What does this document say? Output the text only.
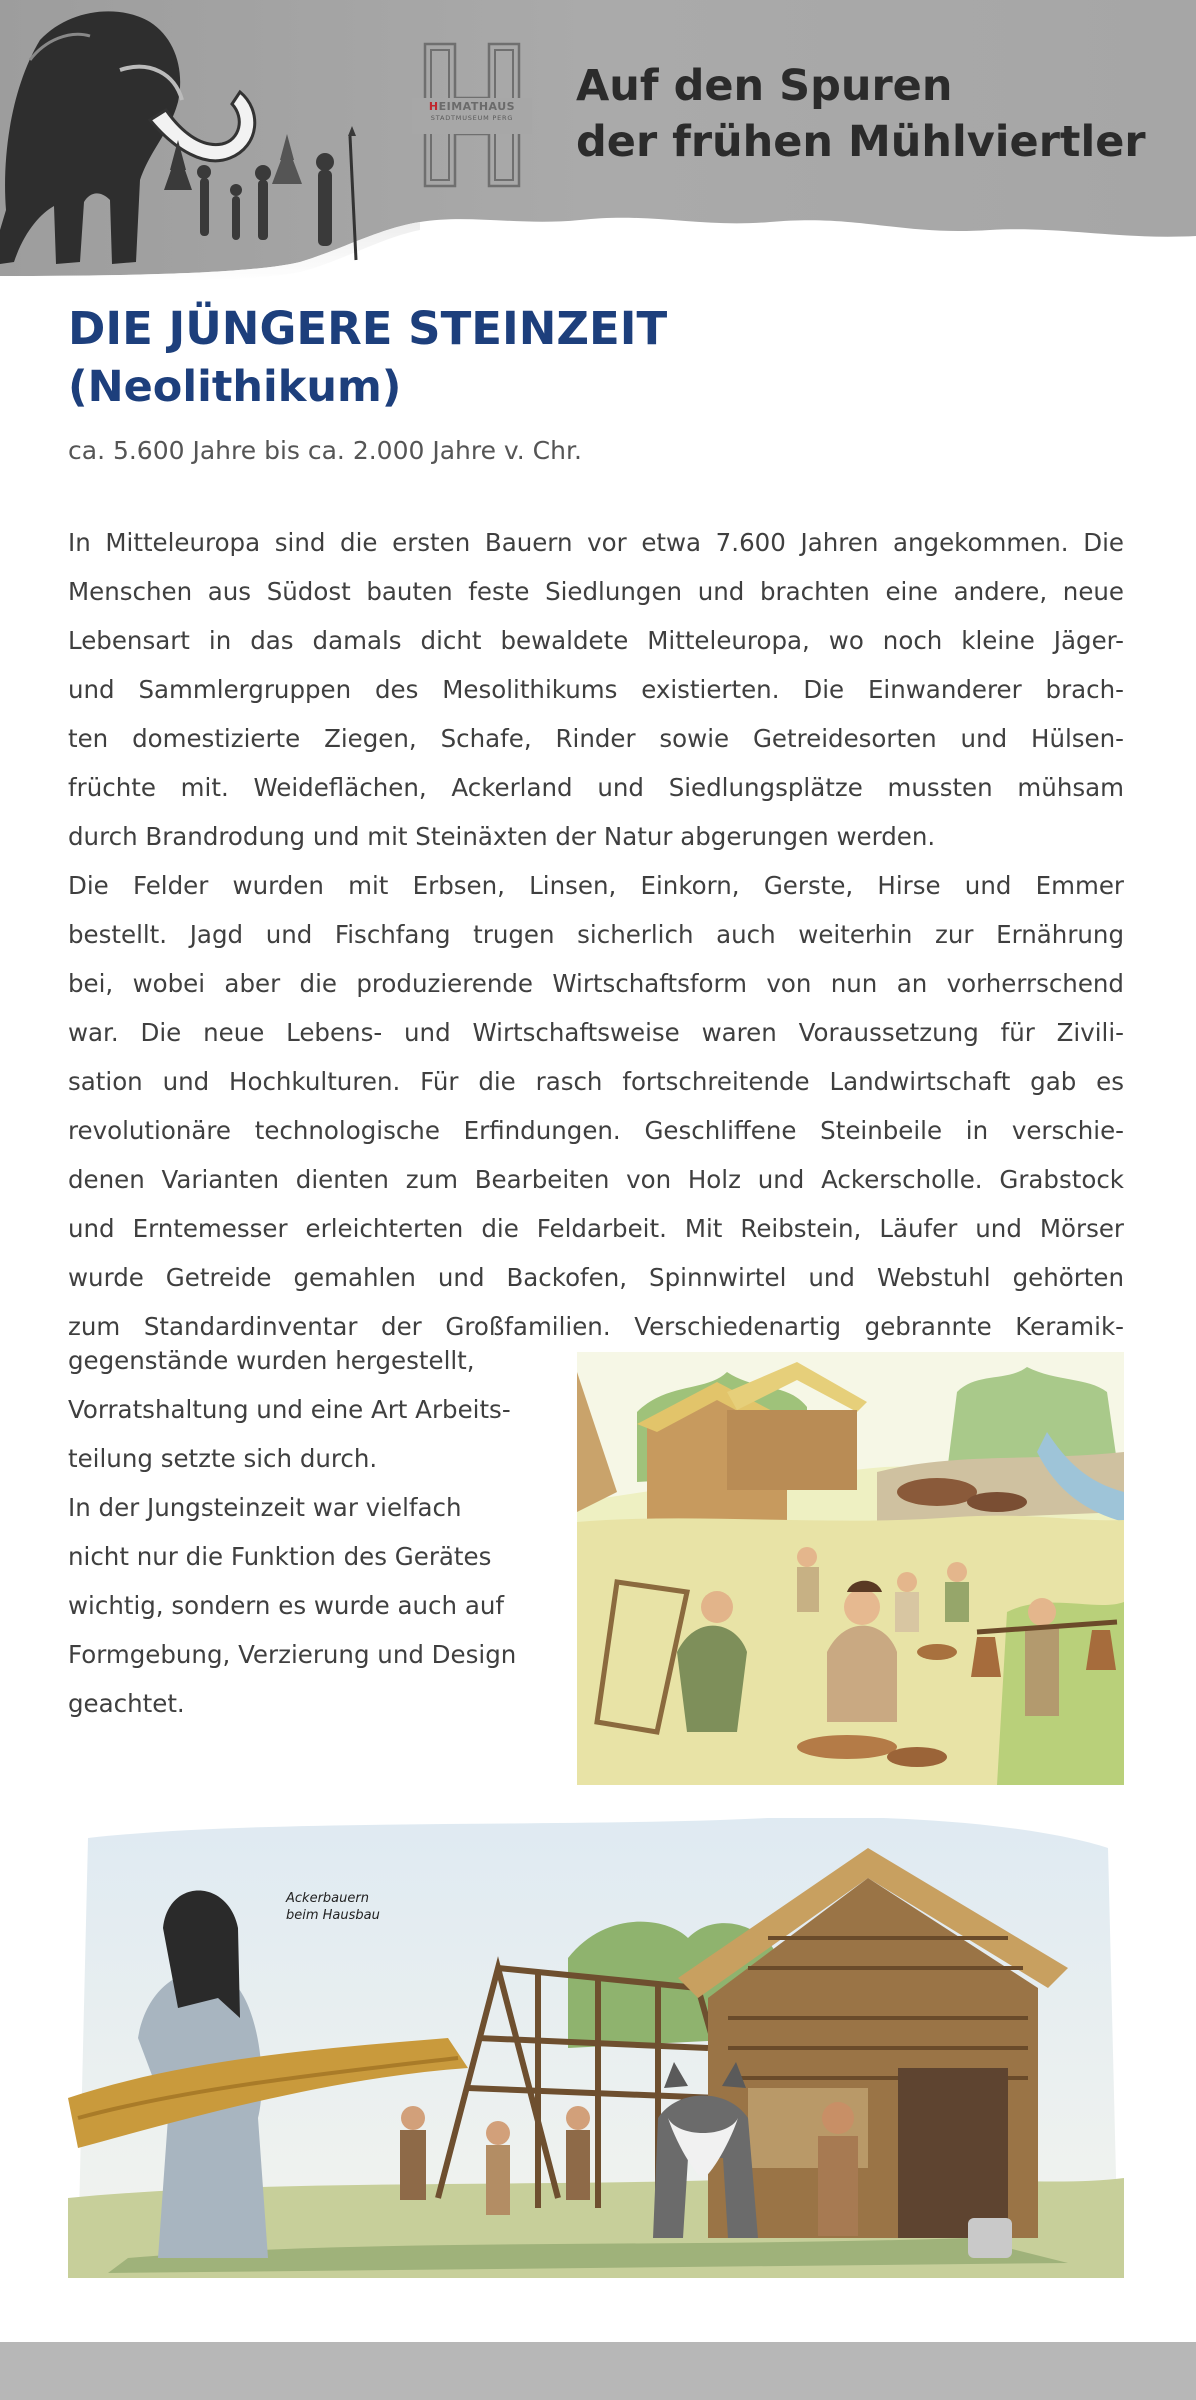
HEIMATHAUS
STADTMUSEUM PERG
Auf den Spuren
der frühen Mühlviertler
DIE JÜNGERE STEINZEIT
(Neolithikum)
ca. 5.600 Jahre bis ca. 2.000 Jahre v. Chr.
In Mitteleuropa sind die ersten Bauern vor etwa 7.600 Jahren angekommen. Die
Menschen aus Südost bauten feste Siedlungen und brachten eine andere, neue
Lebensart in das damals dicht bewaldete Mitteleuropa, wo noch kleine Jäger-
und Sammlergruppen des Mesolithikums existierten. Die Einwanderer brach-
ten domestizierte Ziegen, Schafe, Rinder sowie Getreidesorten und Hülsen-
früchte mit. Weideflächen, Ackerland und Siedlungsplätze mussten mühsam
durch Brandrodung und mit Steinäxten der Natur abgerungen werden.
Die Felder wurden mit Erbsen, Linsen, Einkorn, Gerste, Hirse und Emmer
bestellt. Jagd und Fischfang trugen sicherlich auch weiterhin zur Ernährung
bei, wobei aber die produzierende Wirtschaftsform von nun an vorherrschend
war. Die neue Lebens- und Wirtschaftsweise waren Voraussetzung für Zivili-
sation und Hochkulturen. Für die rasch fortschreitende Landwirtschaft gab es
revolutionäre technologische Erfindungen. Geschliffene Steinbeile in verschie-
denen Varianten dienten zum Bearbeiten von Holz und Ackerscholle. Grabstock
und Erntemesser erleichterten die Feldarbeit. Mit Reibstein, Läufer und Mörser
wurde Getreide gemahlen und Backofen, Spinnwirtel und Webstuhl gehörten
zum Standardinventar der Großfamilien. Verschiedenartig gebrannte Keramik-
gegenstände wurden hergestellt,
Vorratshaltung und eine Art Arbeits-
teilung setzte sich durch.
In der Jungsteinzeit war vielfach
nicht nur die Funktion des Gerätes
wichtig, sondern es wurde auch auf
Formgebung, Verzierung und Design
geachtet.
Ackerbauern
beim Hausbau
